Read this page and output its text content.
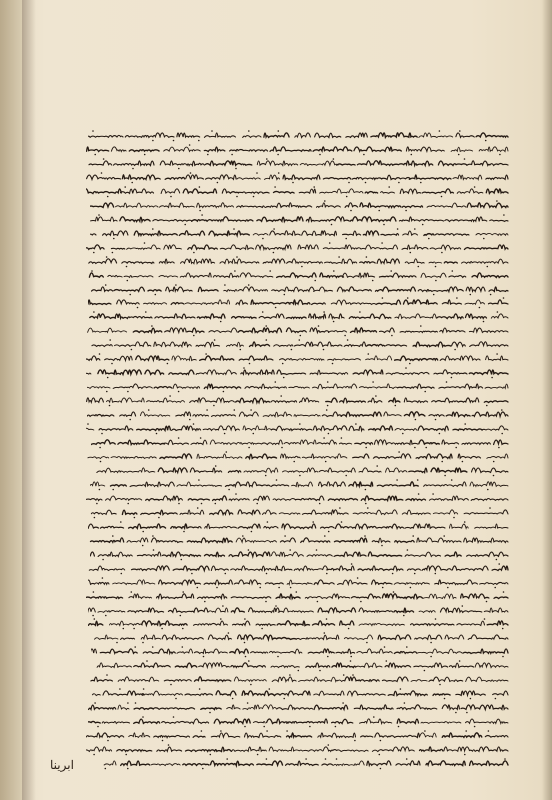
ابرينا
